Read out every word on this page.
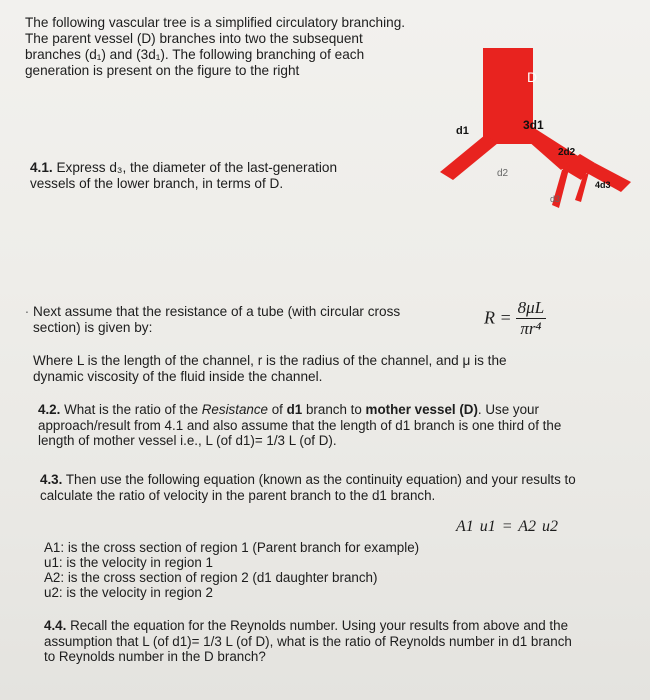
The following vascular tree is a simplified circulatory branching.
The parent vessel (D) branches into two the subsequent
branches (d₁) and (3d₁). The following branching of each
generation is present on the figure to the right
4.1. Express d₃, the diameter of the last-generation
vessels of the lower branch, in terms of D.
D
3d1
d1
2d2
d2
4d3
d3
. Next assume that the resistance of a tube (with circular cross
section) is given by:	$R = \frac{8\mu L}{\text{πr⁴}}$
Where L is the length of the channel, r is the radius of the channel, and μ is the
dynamic viscosity of the fluid inside the channel.
4.2. What is the ratio of the Resistance of d1 branch to mother vessel (D). Use your
approach/result from 4.1 and also assume that the length of d1 branch is one third of the
length of mother vessel i.e., L (of d1)= 1/3 L (of D).
4.3. Then use the following equation (known as the continuity equation) and your results to
calculate the ratio of velocity in the parent branch to the d1 branch.
A1 u1 = A2 u2
A1: is the cross section of region 1 (Parent branch for example)
u1: is the velocity in region 1
A2: is the cross section of region 2 (d1 daughter branch)
u2: is the velocity in region 2
4.4. Recall the equation for the Reynolds number. Using your results from above and the
assumption that L (of d1)= 1/3 L (of D), what is the ratio of Reynolds number in d1 branch
to Reynolds number in the D branch?
